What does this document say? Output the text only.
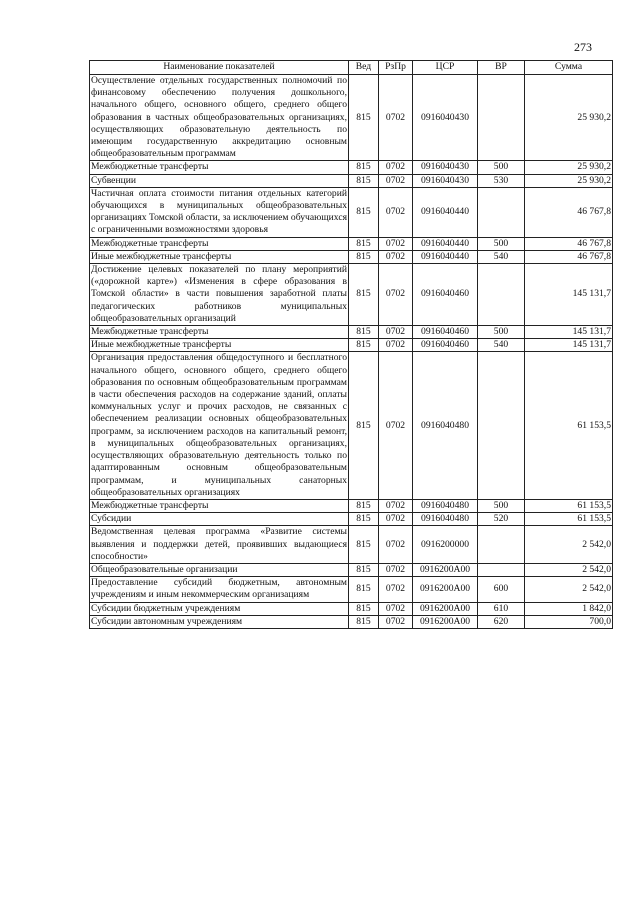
273
Наименование показателей	Вед	РзПр	ЦСР	ВР	Сумма
Осуществление отдельных государственных полномочий по финансовому обеспечению получения дошкольного, начального общего, основного общего, среднего общего образования в частных общеобразовательных организациях, осуществляющих образовательную деятельность по имеющим государственную аккредитацию основным общеобразовательным программам	815	0702	0916040430		25 930,2
Межбюджетные трансферты	815	0702	0916040430	500	25 930,2
Субвенции	815	0702	0916040430	530	25 930,2
Частичная оплата стоимости питания отдельных категорий обучающихся в муниципальных общеобразовательных организациях Томской области, за исключением обучающихся с ограниченными возможностями здоровья	815	0702	0916040440		46 767,8
Межбюджетные трансферты	815	0702	0916040440	500	46 767,8
Иные межбюджетные трансферты	815	0702	0916040440	540	46 767,8
Достижение целевых показателей по плану мероприятий («дорожной карте») «Изменения в сфере образования в Томской области» в части повышения заработной платы педагогических работников муниципальных общеобразовательных организаций	815	0702	0916040460		145 131,7
Межбюджетные трансферты	815	0702	0916040460	500	145 131,7
Иные межбюджетные трансферты	815	0702	0916040460	540	145 131,7
Организация предоставления общедоступного и бесплатного начального общего, основного общего, среднего общего образования по основным общеобразовательным программам в части обеспечения расходов на содержание зданий, оплаты коммунальных услуг и прочих расходов, не связанных с обеспечением реализации основных общеобразовательных программ, за исключением расходов на капитальный ремонт, в муниципальных общеобразовательных организациях, осуществляющих образовательную деятельность только по адаптированным основным общеобразовательным программам, и муниципальных санаторных общеобразовательных организациях	815	0702	0916040480		61 153,5
Межбюджетные трансферты	815	0702	0916040480	500	61 153,5
Субсидии	815	0702	0916040480	520	61 153,5
Ведомственная целевая программа «Развитие системы выявления и поддержки детей, проявивших выдающиеся способности»	815	0702	0916200000		2 542,0
Общеобразовательные организации	815	0702	0916200А00		2 542,0
Предоставление субсидий бюджетным, автономным учреждениям и иным некоммерческим организациям	815	0702	0916200А00	600	2 542,0
Субсидии бюджетным учреждениям	815	0702	0916200А00	610	1 842,0
Субсидии автономным учреждениям	815	0702	0916200А00	620	700,0
